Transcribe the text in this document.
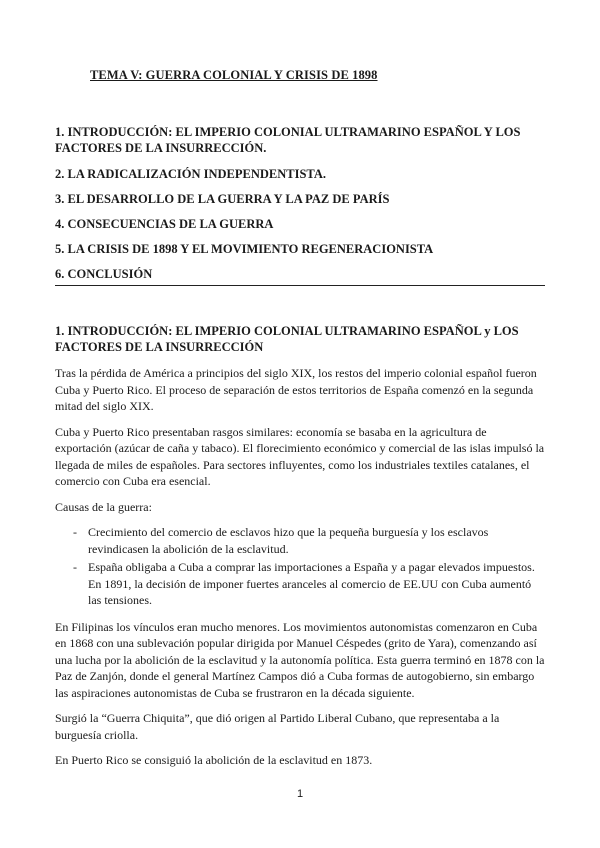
TEMA V: GUERRA COLONIAL Y CRISIS DE 1898
1. INTRODUCCIÓN: EL IMPERIO COLONIAL ULTRAMARINO ESPAÑOL Y LOS FACTORES DE LA INSURRECCIÓN.
2. LA RADICALIZACIÓN INDEPENDENTISTA.
3. EL DESARROLLO DE LA GUERRA Y LA PAZ DE PARÍS
4. CONSECUENCIAS DE LA GUERRA
5. LA CRISIS DE 1898 Y EL MOVIMIENTO REGENERACIONISTA
6. CONCLUSIÓN
1. INTRODUCCIÓN: EL IMPERIO COLONIAL ULTRAMARINO ESPAÑOL y LOS FACTORES DE LA INSURRECCIÓN

Tras la pérdida de América a principios del siglo XIX, los restos del imperio colonial español fueron Cuba y Puerto Rico. El proceso de separación de estos territorios de España comenzó en la segunda mitad del siglo XIX.

Cuba y Puerto Rico presentaban rasgos similares: economía se basaba en la agricultura de exportación (azúcar de caña y tabaco). El florecimiento económico y comercial de las islas impulsó la llegada de miles de españoles. Para sectores influyentes, como los industriales textiles catalanes, el comercio con Cuba era esencial.

Causas de la guerra:

- Crecimiento del comercio de esclavos hizo que la pequeña burguesía y los esclavos revindicasen la abolición de la esclavitud.
- España obligaba a Cuba a comprar las importaciones a España y a pagar elevados impuestos. En 1891, la decisión de imponer fuertes aranceles al comercio de EE.UU con Cuba aumentó las tensiones.

En Filipinas los vínculos eran mucho menores. Los movimientos autonomistas comenzaron en Cuba en 1868 con una sublevación popular dirigida por Manuel Céspedes (grito de Yara), comenzando así una lucha por la abolición de la esclavitud y la autonomía política. Esta guerra terminó en 1878 con la Paz de Zanjón, donde el general Martínez Campos dió a Cuba formas de autogobierno, sin embargo las aspiraciones autonomistas de Cuba se frustraron en la década siguiente.

Surgió la “Guerra Chiquita”, que dió origen al Partido Liberal Cubano, que representaba a la burguesía criolla.

En Puerto Rico se consiguió la abolición de la esclavitud en 1873.

1
